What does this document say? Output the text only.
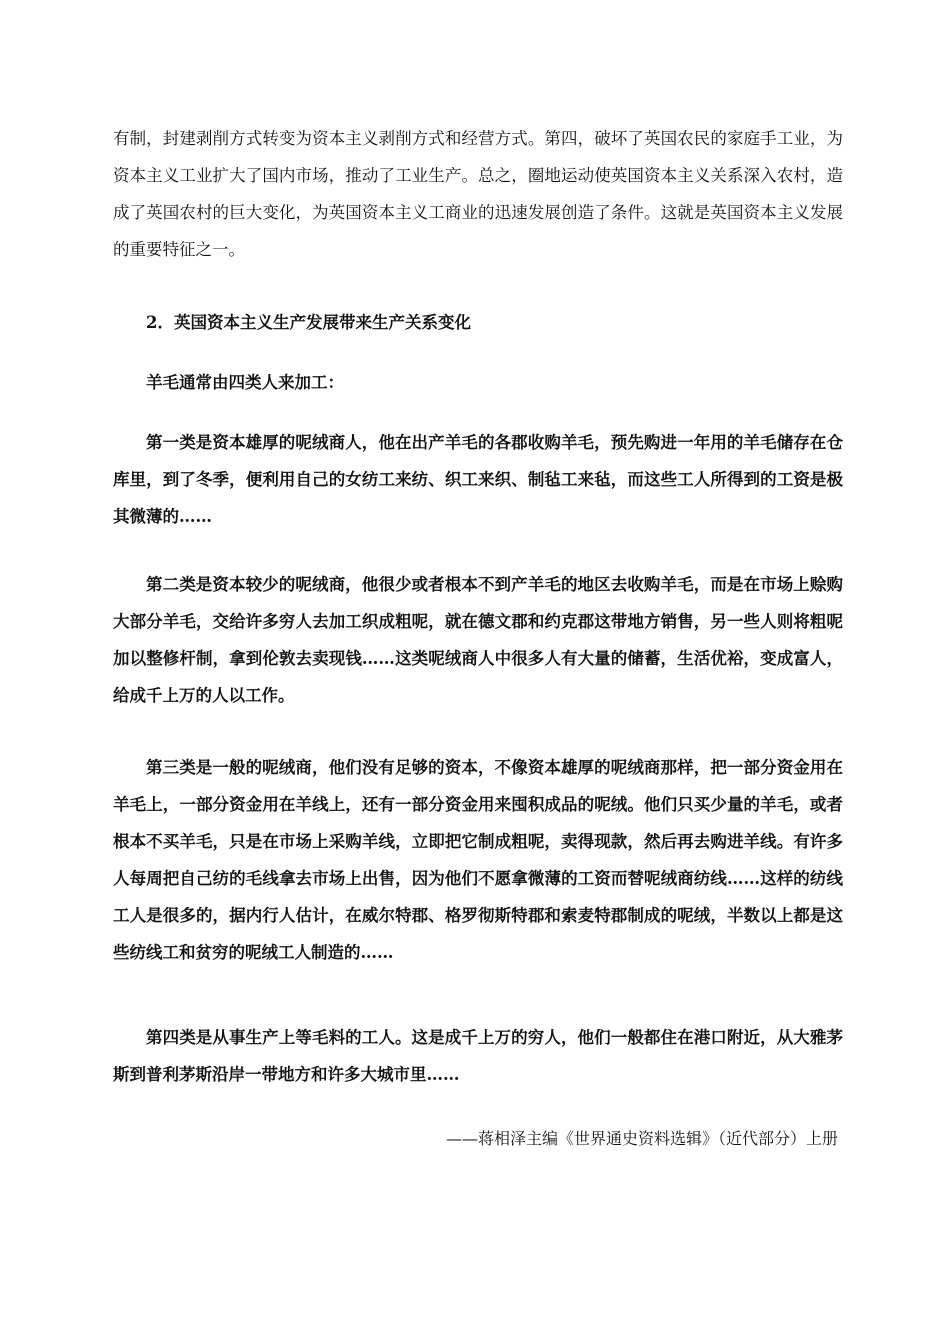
有制，封建剥削方式转变为资本主义剥削方式和经营方式。第四，破坏了英国农民的家庭手工业，为资本主义工业扩大了国内市场，推动了工业生产。总之，圈地运动使英国资本主义关系深入农村，造成了英国农村的巨大变化，为英国资本主义工商业的迅速发展创造了条件。这就是英国资本主义发展的重要特征之一。

2．英国资本主义生产发展带来生产关系变化

羊毛通常由四类人来加工：

第一类是资本雄厚的呢绒商人，他在出产羊毛的各郡收购羊毛，预先购进一年用的羊毛储存在仓库里，到了冬季，便利用自己的女纺工来纺、织工来织、制毡工来毡，而这些工人所得到的工资是极其微薄的……

第二类是资本较少的呢绒商，他很少或者根本不到产羊毛的地区去收购羊毛，而是在市场上赊购大部分羊毛，交给许多穷人去加工织成粗呢，就在德文郡和约克郡这带地方销售，另一些人则将粗呢加以整修杆制，拿到伦敦去卖现钱……这类呢绒商人中很多人有大量的储蓄，生活优裕，变成富人，给成千上万的人以工作。

第三类是一般的呢绒商，他们没有足够的资本，不像资本雄厚的呢绒商那样，把一部分资金用在羊毛上，一部分资金用在羊线上，还有一部分资金用来囤积成品的呢绒。他们只买少量的羊毛，或者根本不买羊毛，只是在市场上采购羊线，立即把它制成粗呢，卖得现款，然后再去购进羊线。有许多人每周把自己纺的毛线拿去市场上出售，因为他们不愿拿微薄的工资而替呢绒商纺线……这样的纺线工人是很多的，据内行人估计，在威尔特郡、格罗彻斯特郡和索麦特郡制成的呢绒，半数以上都是这些纺线工和贫穷的呢绒工人制造的……

第四类是从事生产上等毛料的工人。这是成千上万的穷人，他们一般都住在港口附近，从大雅茅斯到普利茅斯沿岸一带地方和许多大城市里……

——蒋相泽主编《世界通史资料选辑》（近代部分）上册
